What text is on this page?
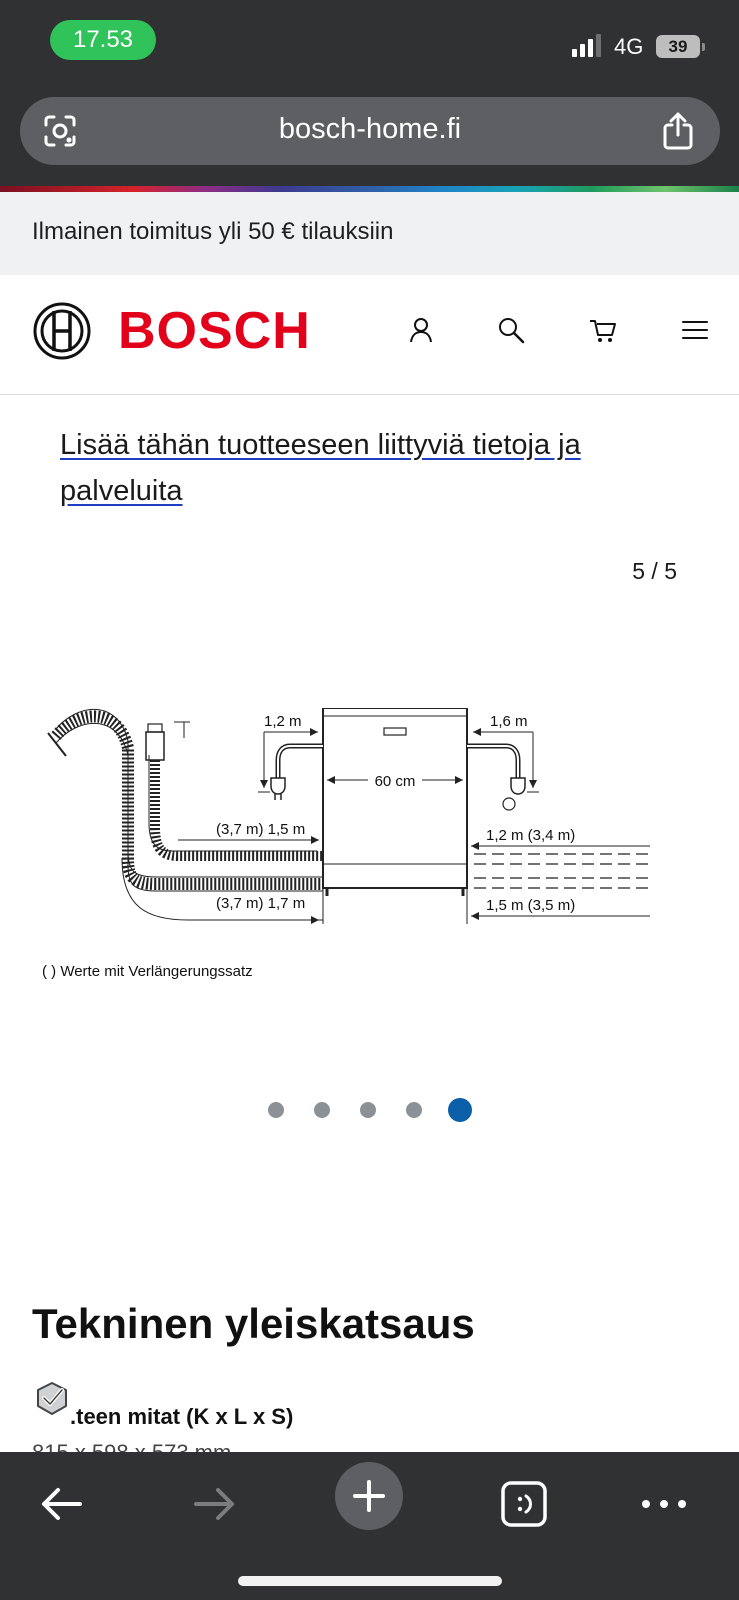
17.53	4G	39
bosch-home.fi
Ilmainen toimitus yli 50 € tilauksiin
BOSCH
Lisää tähän tuotteeseen liittyviä tietoja ja palveluita
5 / 5
60 cm
1,2 m	1,6 m
(3,7 m) 1,5 m
(3,7 m) 1,7 m
1,2 m (3,4 m)
1,5 m (3,5 m)
( ) Werte mit Verlängerungssatz
Tekninen yleiskatsaus
.teen mitat (K x L x S)
